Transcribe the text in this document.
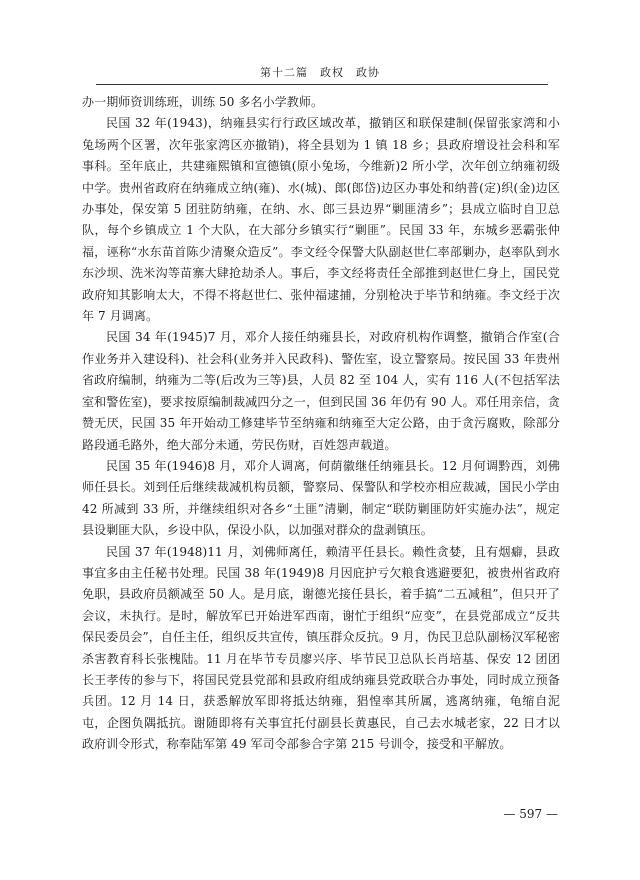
第十二篇　政权　政协

办一期师资训练班，训练 50 多名小学教师。

民国 32 年(1943)，纳雍县实行行政区域改革，撤销区和联保建制(保留张家湾和小兔场两个区署，次年张家湾区亦撤销)，将全县划为 1 镇 18 乡；县政府增设社会科和军事科。至年底止，共建雍熙镇和宣德镇(原小兔场，今维新)2 所小学，次年创立纳雍初级中学。贵州省政府在纳雍成立纳(雍)、水(城)、郎(郎岱)边区办事处和纳普(定)织(金)边区办事处，保安第 5 团驻防纳雍，在纳、水、郎三县边界“剿匪清乡”；县成立临时自卫总队，每个乡镇成立 1 个大队，在大部分乡镇实行“剿匪”。民国 33 年，东城乡恶霸张仲福，诬称“水东苗首陈少清聚众造反”。李文经令保警大队副赵世仁率部剿办，赵率队到水东沙坝、洗米沟等苗寨大肆抢劫杀人。事后，李文经将责任全部推到赵世仁身上，国民党政府知其影响太大，不得不将赵世仁、张仲福逮捕，分别枪决于毕节和纳雍。李文经于次年 7 月调离。

民国 34 年(1945)7 月，邓介人接任纳雍县长，对政府机构作调整，撤销合作室(合作业务并入建设科)、社会科(业务并入民政科)、警佐室，设立警察局。按民国 33 年贵州省政府编制，纳雍为二等(后改为三等)县，人员 82 至 104 人，实有 116 人(不包括军法室和警佐室)，要求按原编制裁减四分之一，但到民国 36 年仍有 90 人。邓任用亲信，贪赞无厌，民国 35 年开始动工修建毕节至纳雍和纳雍至大定公路，由于贪污腐败，除部分路段通毛路外，绝大部分未通，劳民伤财，百姓怨声载道。

民国 35 年(1946)8 月，邓介人调离，何荫徽继任纳雍县长。12 月何调黔西，刘佛师任县长。刘到任后继续裁减机构员额，警察局、保警队和学校亦相应裁减，国民小学由 42 所减到 33 所，并继续组织对各乡“土匪”清剿，制定“联防剿匪防奸实施办法”，规定县设剿匪大队，乡设中队，保设小队，以加强对群众的盘剥镇压。

民国 37 年(1948)11 月，刘佛师离任，赖清平任县长。赖性贪婪，且有烟癖，县政事宜多由主任秘书处理。民国 38 年(1949)8 月因庇护亏欠粮食逃避要犯，被贵州省政府免职，县政府员额减至 50 人。是月底，谢德光接任县长，着手搞“二五减租”，但只开了会议，未执行。是时，解放军已开始进军西南，谢忙于组织“应变”，在县党部成立“反共保民委员会”，自任主任，组织反共宣传，镇压群众反抗。9 月，伪民卫总队副杨汉军秘密杀害教育科长张槐陆。11 月在毕节专员廖兴序、毕节民卫总队长肖培基、保安 12 团团长王孝传的参与下，将国民党县党部和县政府组成纳雍县党政联合办事处，同时成立预备兵团。12 月 14 日，获悉解放军即将抵达纳雍，猖惶率其所属，逃离纳雍，龟缩自泥屯，企图负隅抵抗。谢随即将有关事宜托付副县长黄惠民，自己去水城老家，22 日才以政府训令形式，称奉陆军第 49 军司令部参合字第 215 号训令，接受和平解放。

— 597 —
